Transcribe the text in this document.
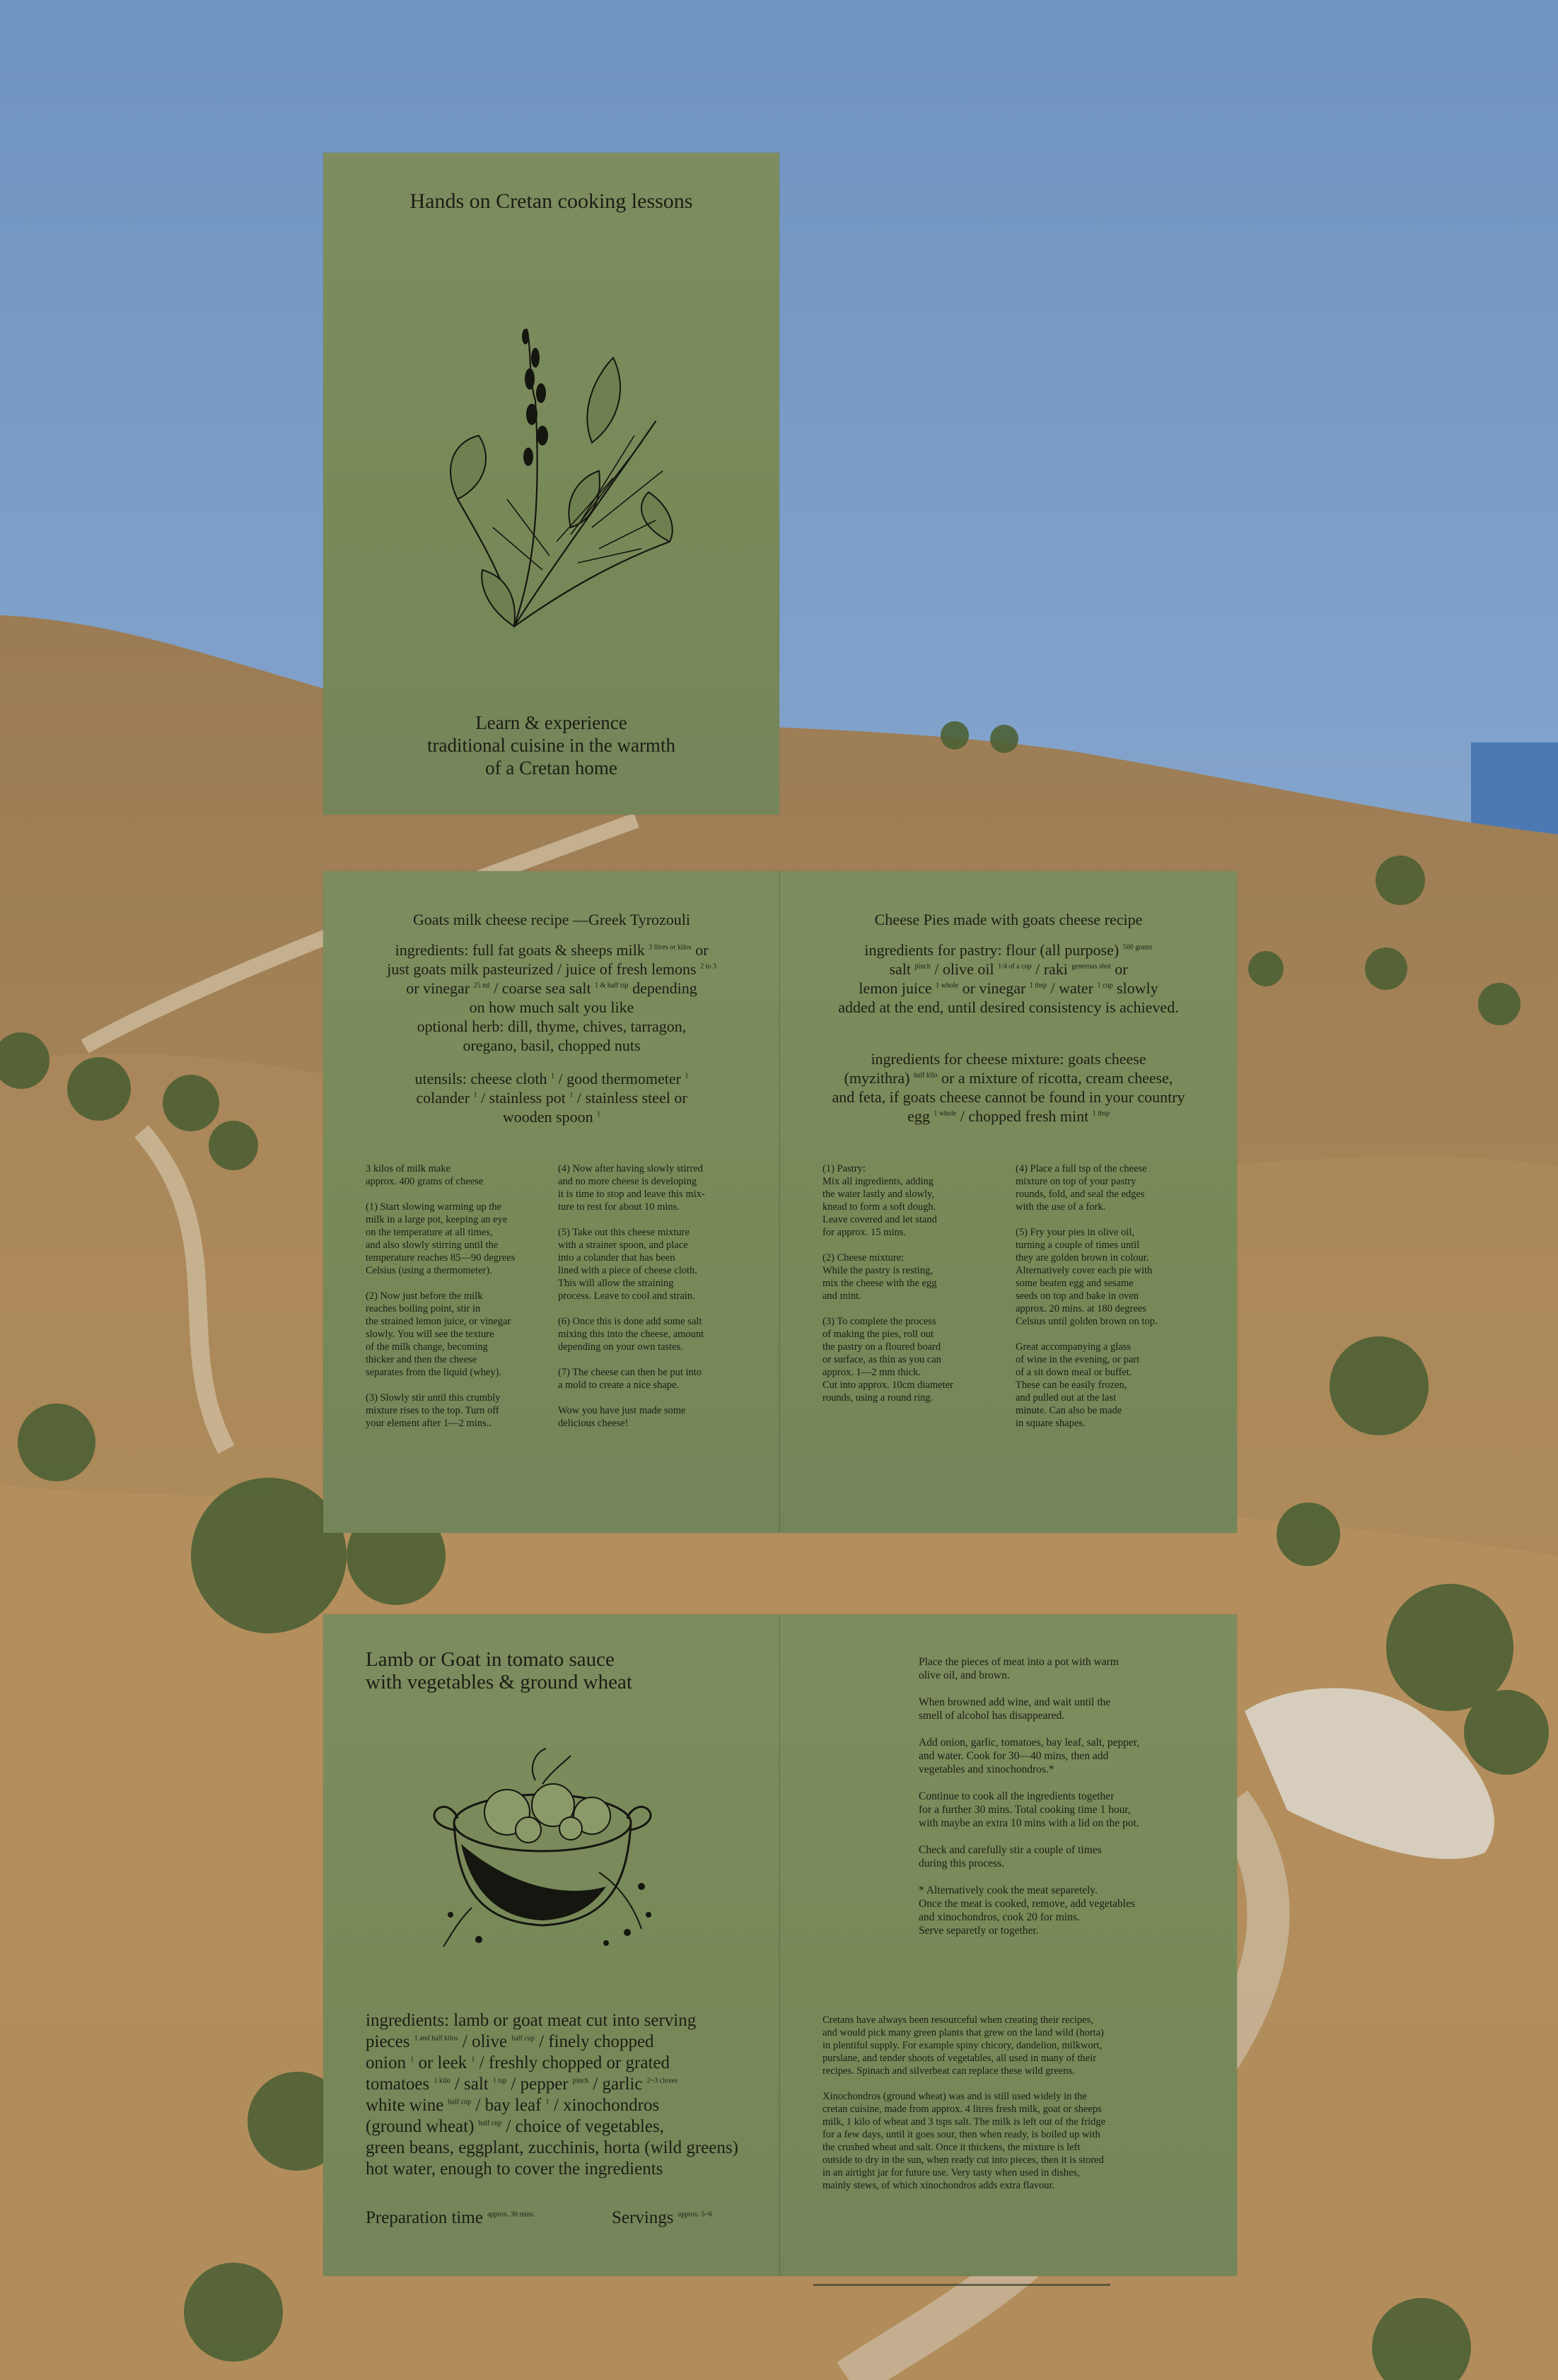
Hands on Cretan cooking lessons
Learn & experience
traditional cuisine in the warmth
of a Cretan home
Goats milk cheese recipe —Greek Tyrozouli
ingredients: full fat goats & sheeps milk $^{3 litres or kilos}$ or
just goats milk pasteurized / juice of fresh lemons $^{2 to 3}$
or vinegar $^{25 ml}$ / coarse sea salt $^{1 \& half tsp}$ depending
on how much salt you like
optional herb: dill, thyme, chives, tarragon,
oregano, basil, chopped nuts
utensils: cheese cloth $^1$ / good thermometer $^1$
colander $^1$ / stainless pot $^1$ / stainless steel or
wooden spoon $^1$

3 kilos of milk make
approx. 400 grams of cheese

(1) Start slowing warming up the
milk in a large pot, keeping an eye
on the temperature at all times,
and also slowly stirring until the
temperature reaches 85—90 degrees
Celsius (using a thermometer).

(2) Now just before the milk
reaches boiling point, stir in
the strained lemon juice, or vinegar
slowly. You will see the texture
of the milk change, becoming
thicker and then the cheese
separates from the liquid (whey).

(3) Slowly stir until this crumbly
mixture rises to the top. Turn off
your element after 1—2 mins..

(4) Now after having slowly stirred
and no more cheese is developing
it is time to stop and leave this mix-
ture to rest for about 10 mins.

(5) Take out this cheese mixture
with a strainer spoon, and place
into a colander that has been
lined with a piece of cheese cloth.
This will allow the straining
process. Leave to cool and strain.

(6) Once this is done add some salt
mixing this into the cheese, amount
depending on your own tastes.

(7) The cheese can then be put into
a mold to create a nice shape.

Wow you have just made some
delicious cheese!

Cheese Pies made with goats cheese recipe
ingredients for pastry: flour (all purpose) $^{500 grams}$
salt $^{pinch}$ / olive oil $^{1/4 of a cup}$ / raki $^{generous shot}$ or
lemon juice $^{1 whole}$ or vinegar $^{1 tbsp}$ / water $^{1 cup}$ slowly
added at the end, until desired consistency is achieved.
ingredients for cheese mixture: goats cheese
(myzithra) $^{half kilo}$ or a mixture of ricotta, cream cheese,
and feta, if goats cheese cannot be found in your country
egg $^{1 whole}$ / chopped fresh mint $^{1 tbsp}$

(1) Pastry:
Mix all ingredients, adding
the water lastly and slowly,
knead to form a soft dough.
Leave covered and let stand
for approx. 15 mins.

(2) Cheese mixture:
While the pastry is resting,
mix the cheese with the egg
and mint.

(3) To complete the process
of making the pies, roll out
the pastry on a floured board
or surface, as thin as you can
approx. 1—2 mm thick.
Cut into approx. 10cm diameter
rounds, using a round ring.

(4) Place a full tsp of the cheese
mixture on top of your pastry
rounds, fold, and seal the edges
with the use of a fork.

(5) Fry your pies in olive oil,
turning a couple of times until
they are golden brown in colour.
Alternatively cover each pie with
some beaten egg and sesame
seeds on top and bake in oven
approx. 20 mins. at 180 degrees
Celsius until golden brown on top.

Great accompanying a glass
of wine in the evening, or part
of a sit down meal or buffet.
These can be easily frozen,
and pulled out at the last
minute. Can also be made
in square shapes.

Lamb or Goat in tomato sauce
with vegetables & ground wheat
ingredients: lamb or goat meat cut into serving
pieces $^{1 and half kilos}$ / olive $^{half cup}$ / finely chopped
onion $^1$ or leek $^1$ / freshly chopped or grated
tomatoes $^{1 kilo}$ / salt $^{1 tsp}$ / pepper $^{pinch}$ / garlic $^{2\sim 3 cloves}$
white wine $^{half cup}$ / bay leaf $^1$ / xinochondros
(ground wheat) $^{half cup}$ / choice of vegetables,
green beans, eggplant, zucchinis, horta (wild greens)
hot water, enough to cover the ingredients
Preparation time $^{approx. 30 mins.}$	Servings $^{approx. 5\sim 6}$

Place the pieces of meat into a pot with warm
olive oil, and brown.

When browned add wine, and wait until the
smell of alcohol has disappeared.

Add onion, garlic, tomatoes, bay leaf, salt, pepper,
and water. Cook for 30—40 mins, then add
vegetables and xinochondros.*

Continue to cook all the ingredients together
for a further 30 mins. Total cooking time 1 hour,
with maybe an extra 10 mins with a lid on the pot.

Check and carefully stir a couple of times
during this process.

* Alternatively cook the meat separetely.
Once the meat is cooked, remove, add vegetables
and xinochondros, cook 20 for mins.
Serve separetly or together.

Cretans have always been resourceful when creating their recipes,
and would pick many green plants that grew on the land wild (horta)
in plentiful supply. For example spiny chicory, dandelion, milkwort,
purslane, and tender shoots of vegetables, all used in many of their
recipes. Spinach and silverbeat can replace these wild greens.

Xinochondros (ground wheat) was and is still used widely in the
cretan cuisine, made from approx. 4 litres fresh milk, goat or sheeps
milk, 1 kilo of wheat and 3 tsps salt. The milk is left out of the fridge
for a few days, until it goes sour, then when ready, is boiled up with
the crushed wheat and salt. Once it thickens, the mixture is left
outside to dry in the sun, when ready cut into pieces, then it is stored
in an airtight jar for future use. Very tasty when used in dishes,
mainly stews, of which xinochondros adds extra flavour.
